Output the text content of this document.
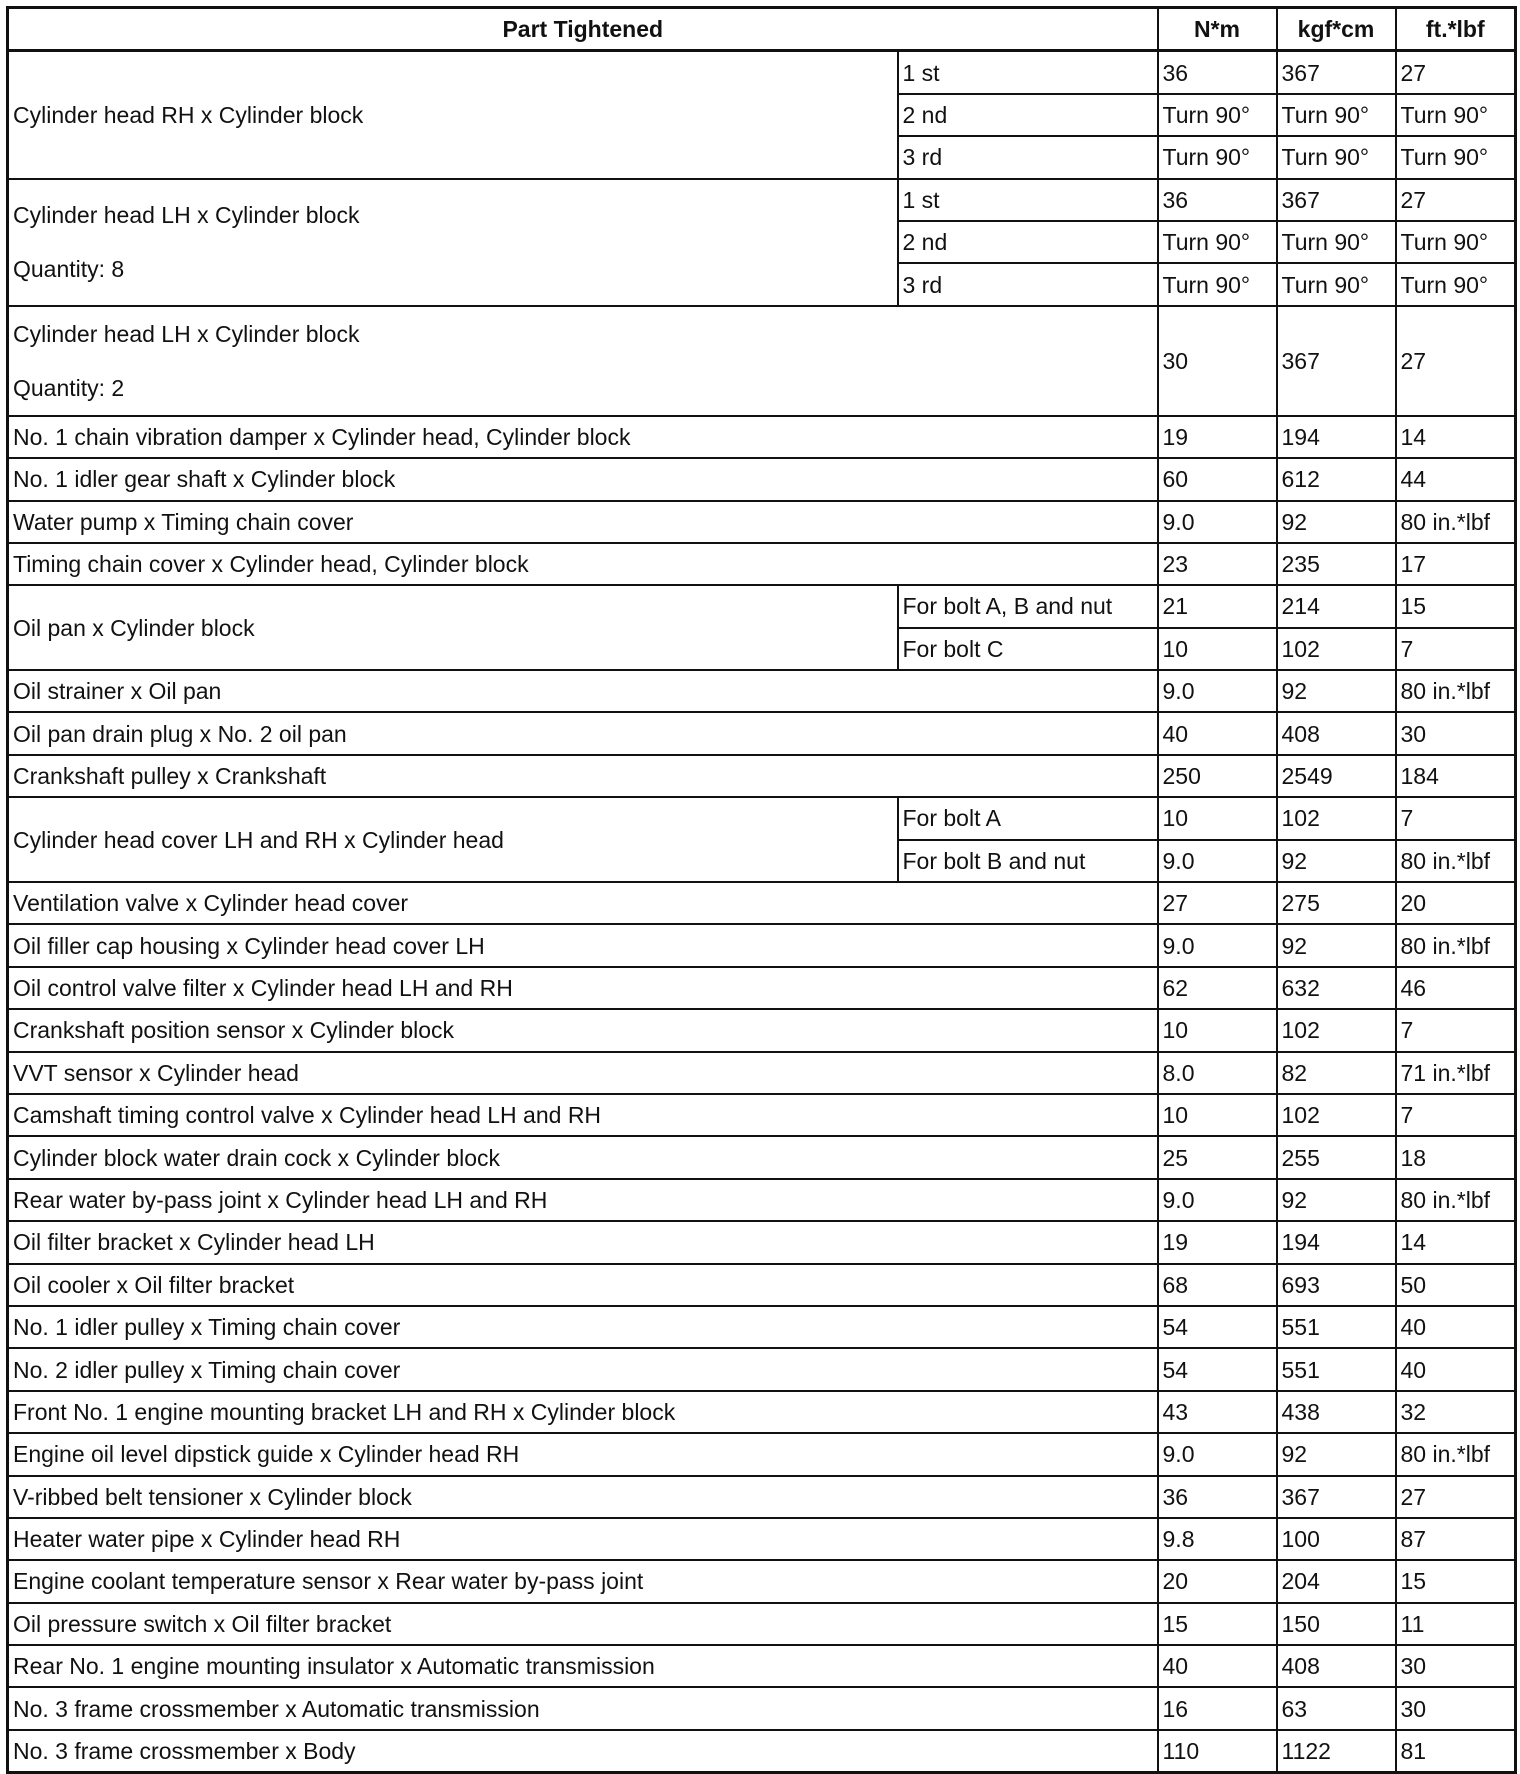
Part Tightened		N*m	kgf*cm	ft.*lbf

Cylinder head RH x Cylinder block	1 st	36	367	27
	2 nd	Turn 90°	Turn 90°	Turn 90°
	3 rd	Turn 90°	Turn 90°	Turn 90°

Cylinder head LH x Cylinder block
Quantity: 8	1 st	36	367	27
	2 nd	Turn 90°	Turn 90°	Turn 90°
	3 rd	Turn 90°	Turn 90°	Turn 90°

Cylinder head LH x Cylinder block
Quantity: 2		30	367	27

No. 1 chain vibration damper x Cylinder head, Cylinder block		19	194	14

No. 1 idler gear shaft x Cylinder block		60	612	44

Water pump x Timing chain cover		9.0	92	80 in.*lbf

Timing chain cover x Cylinder head, Cylinder block		23	235	17

Oil pan x Cylinder block	For bolt A, B and nut	21	214	15
	For bolt C	10	102	7

Oil strainer x Oil pan		9.0	92	80 in.*lbf

Oil pan drain plug x No. 2 oil pan		40	408	30

Crankshaft pulley x Crankshaft		250	2549	184

Cylinder head cover LH and RH x Cylinder head	For bolt A	10	102	7
	For bolt B and nut	9.0	92	80 in.*lbf

Ventilation valve x Cylinder head cover		27	275	20

Oil filler cap housing x Cylinder head cover LH		9.0	92	80 in.*lbf

Oil control valve filter x Cylinder head LH and RH		62	632	46

Crankshaft position sensor x Cylinder block		10	102	7

VVT sensor x Cylinder head		8.0	82	71 in.*lbf

Camshaft timing control valve x Cylinder head LH and RH		10	102	7

Cylinder block water drain cock x Cylinder block		25	255	18

Rear water by-pass joint x Cylinder head LH and RH		9.0	92	80 in.*lbf

Oil filter bracket x Cylinder head LH		19	194	14

Oil cooler x Oil filter bracket		68	693	50

No. 1 idler pulley x Timing chain cover		54	551	40

No. 2 idler pulley x Timing chain cover		54	551	40

Front No. 1 engine mounting bracket LH and RH x Cylinder block		43	438	32

Engine oil level dipstick guide x Cylinder head RH		9.0	92	80 in.*lbf

V-ribbed belt tensioner x Cylinder block		36	367	27

Heater water pipe x Cylinder head RH		9.8	100	87

Engine coolant temperature sensor x Rear water by-pass joint		20	204	15

Oil pressure switch x Oil filter bracket		15	150	11

Rear No. 1 engine mounting insulator x Automatic transmission		40	408	30

No. 3 frame crossmember x Automatic transmission		16	63	30

No. 3 frame crossmember x Body		110	1122	81
